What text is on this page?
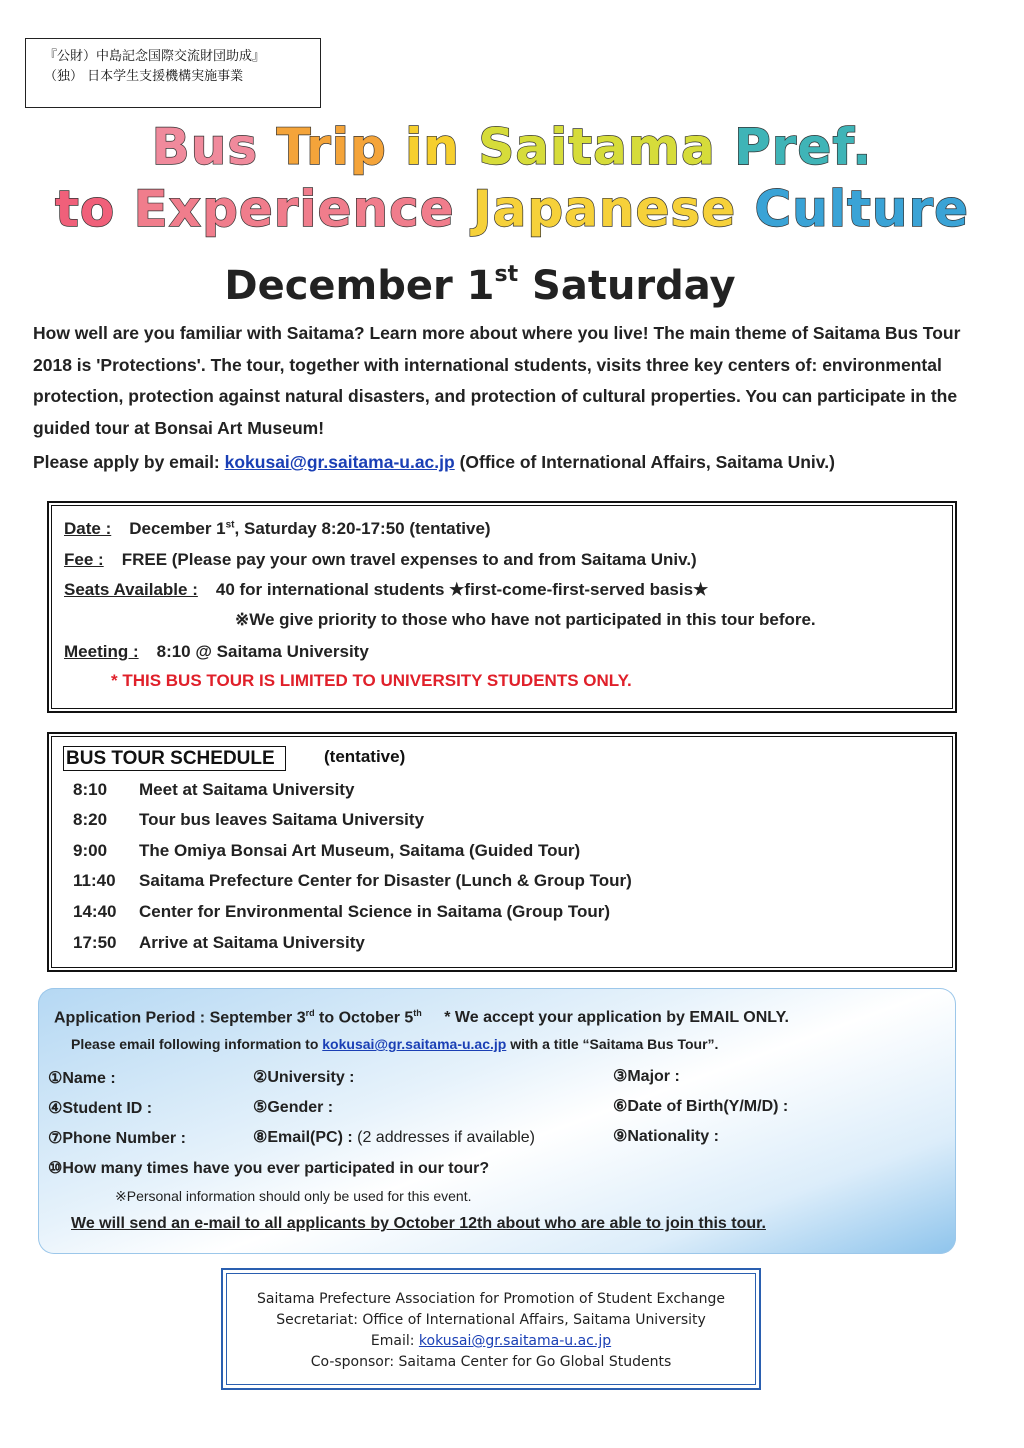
『公財）中島記念国際交流財団助成』
（独） 日本学生支援機構実施事業
Bus Trip in Saitama Pref.
to Experience Japanese Culture
December 1st Saturday
How well are you familiar with Saitama? Learn more about where you live! The main theme of Saitama Bus Tour 2018 is 'Protections'. The tour, together with international students, visits three key centers of: environmental protection, protection against natural disasters, and protection of cultural properties. You can participate in the guided tour at Bonsai Art Museum!
Please apply by email: kokusai@gr.saitama-u.ac.jp (Office of International Affairs, Saitama Univ.)
Date : December 1st, Saturday 8:20-17:50 (tentative)
Fee : FREE (Please pay your own travel expenses to and from Saitama Univ.)
Seats Available : 40 for international students ★first-come-first-served basis★
※We give priority to those who have not participated in this tour before.
Meeting : 8:10 @ Saitama University
* THIS BUS TOUR IS LIMITED TO UNIVERSITY STUDENTS ONLY.
BUS TOUR SCHEDULE	(tentative)
8:10 Meet at Saitama University
8:20 Tour bus leaves Saitama University
9:00 The Omiya Bonsai Art Museum, Saitama (Guided Tour)
11:40 Saitama Prefecture Center for Disaster (Lunch & Group Tour)
14:40 Center for Environmental Science in Saitama (Group Tour)
17:50 Arrive at Saitama University
Application Period : September 3rd to October 5th * We accept your application by EMAIL ONLY.
Please email following information to kokusai@gr.saitama-u.ac.jp with a title “Saitama Bus Tour”.
①Name :	②University :	③Major :
④Student ID :	⑤Gender :	⑥Date of Birth(Y/M/D) :
⑦Phone Number :	⑧Email(PC) : (2 addresses if available)	⑨Nationality :
⑩How many times have you ever participated in our tour?
※Personal information should only be used for this event.
We will send an e-mail to all applicants by October 12th about who are able to join this tour.
Saitama Prefecture Association for Promotion of Student Exchange
Secretariat: Office of International Affairs, Saitama University
Email: kokusai@gr.saitama-u.ac.jp
Co-sponsor: Saitama Center for Go Global Students
